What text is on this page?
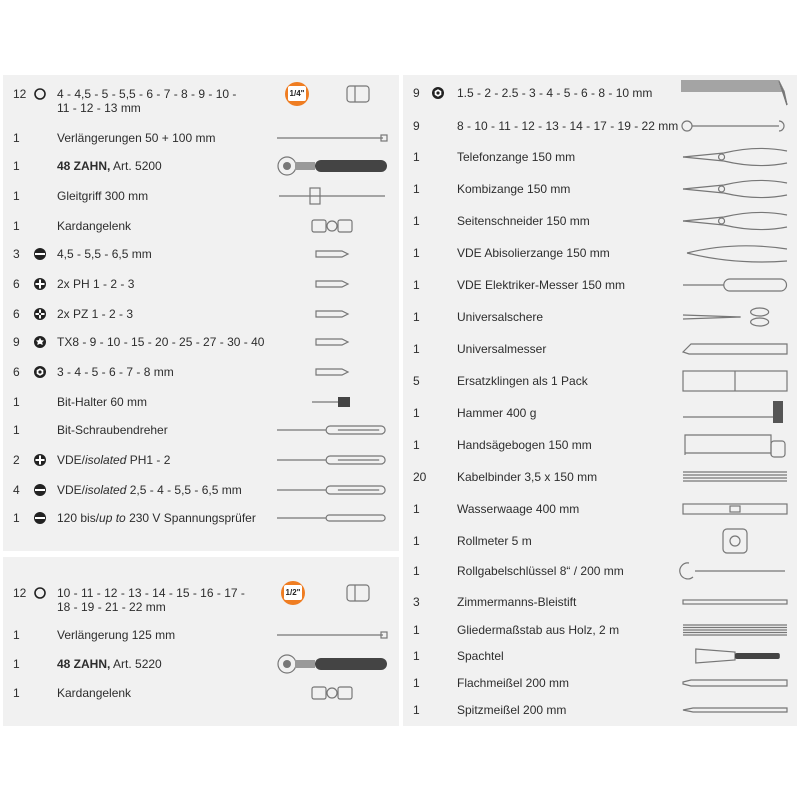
1/4"
12	4 - 4,5 - 5 - 5,5 - 6 - 7 - 8 - 9 - 10 -
11 - 12 - 13 mm
1	Verlängerungen 50 + 100 mm
1	48 ZAHN, Art. 5200
1	Gleitgriff 300 mm
1	Kardangelenk
3	4,5 - 5,5 - 6,5 mm
6	2x PH 1 - 2 - 3
6	2x PZ 1 - 2 - 3
9	TX8 - 9 - 10 - 15 - 20 - 25 - 27 - 30 - 40
6	3 - 4 - 5 - 6 - 7 - 8 mm
1	Bit-Halter 60 mm
1	Bit-Schraubendreher
2	VDE/isolated PH1 - 2
4	VDE/isolated 2,5 - 4 - 5,5 - 6,5 mm
1	120 bis/up to 230 V Spannungsprüfer
1/2"
12	10 - 11 - 12 - 13 - 14 - 15 - 16 - 17 -
18 - 19 - 21 - 22 mm
1	Verlängerung 125 mm
1	48 ZAHN, Art. 5220
1	Kardangelenk
9	1.5 - 2 - 2.5 - 3 - 4 - 5 - 6 - 8 - 10 mm
9	8 - 10 - 11 - 12 - 13 - 14 - 17 - 19 - 22 mm
1	Telefonzange 150 mm
1	Kombizange 150 mm
1	Seitenschneider 150 mm
1	VDE Abisolierzange 150 mm
1	VDE Elektriker-Messer 150 mm
1	Universalschere
1	Universalmesser
5	Ersatzklingen als 1 Pack
1	Hammer 400 g
1	Handsägebogen 150 mm
20	Kabelbinder 3,5 x 150 mm
1	Wasserwaage 400 mm
1	Rollmeter 5 m
1	Rollgabelschlüssel 8“ / 200 mm
3	Zimmermanns-Bleistift
1	Gliedermaßstab aus Holz, 2 m
1	Spachtel
1	Flachmeißel 200 mm
1	Spitzmeißel 200 mm
